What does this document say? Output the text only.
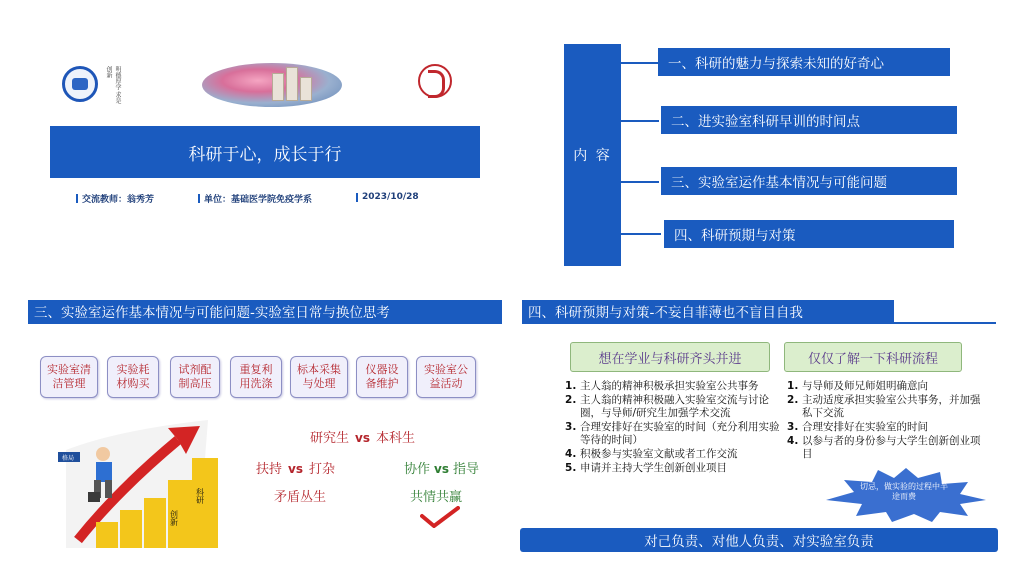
明德厚学 求是创新
科研于心，成长于行
交流教师：翁秀芳	单位：基础医学院免疫学系	2023/10/28
内 容
一、科研的魅力与探索未知的好奇心
二、进实验室科研早训的时间点
三、实验室运作基本情况与可能问题
四、科研预期与对策
三、实验室运作基本情况与可能问题-实验室日常与换位思考
实验室清
洁管理
实验耗
材购买
试剂配
制高压
重复利
用洗涤
标本采集
与处理
仪器设
备维护
实验室公
益活动
格局
科研
创新
研究生 vs 本科生
扶持 vs 打杂	协作 vs 指导
矛盾丛生	共情共赢
四、科研预期与对策-不妄自菲薄也不盲目自我
想在学业与科研齐头并进	仅仅了解一下科研流程
1. 主人翁的精神积极承担实验室公共事务
2. 主人翁的精神积极融入实验室交流与讨论圈，与导师/研究生加强学术交流
3. 合理安排好在实验室的时间（充分利用实验等待的时间）
4. 积极参与实验室文献或者工作交流
5. 申请并主持大学生创新创业项目
1. 与导师及师兄师姐明确意向
2. 主动适度承担实验室公共事务，并加强私下交流
3. 合理安排好在实验室的时间
4. 以参与者的身份参与大学生创新创业项目
切忌，做实验的过程中半途而费
对己负责、对他人负责、对实验室负责
